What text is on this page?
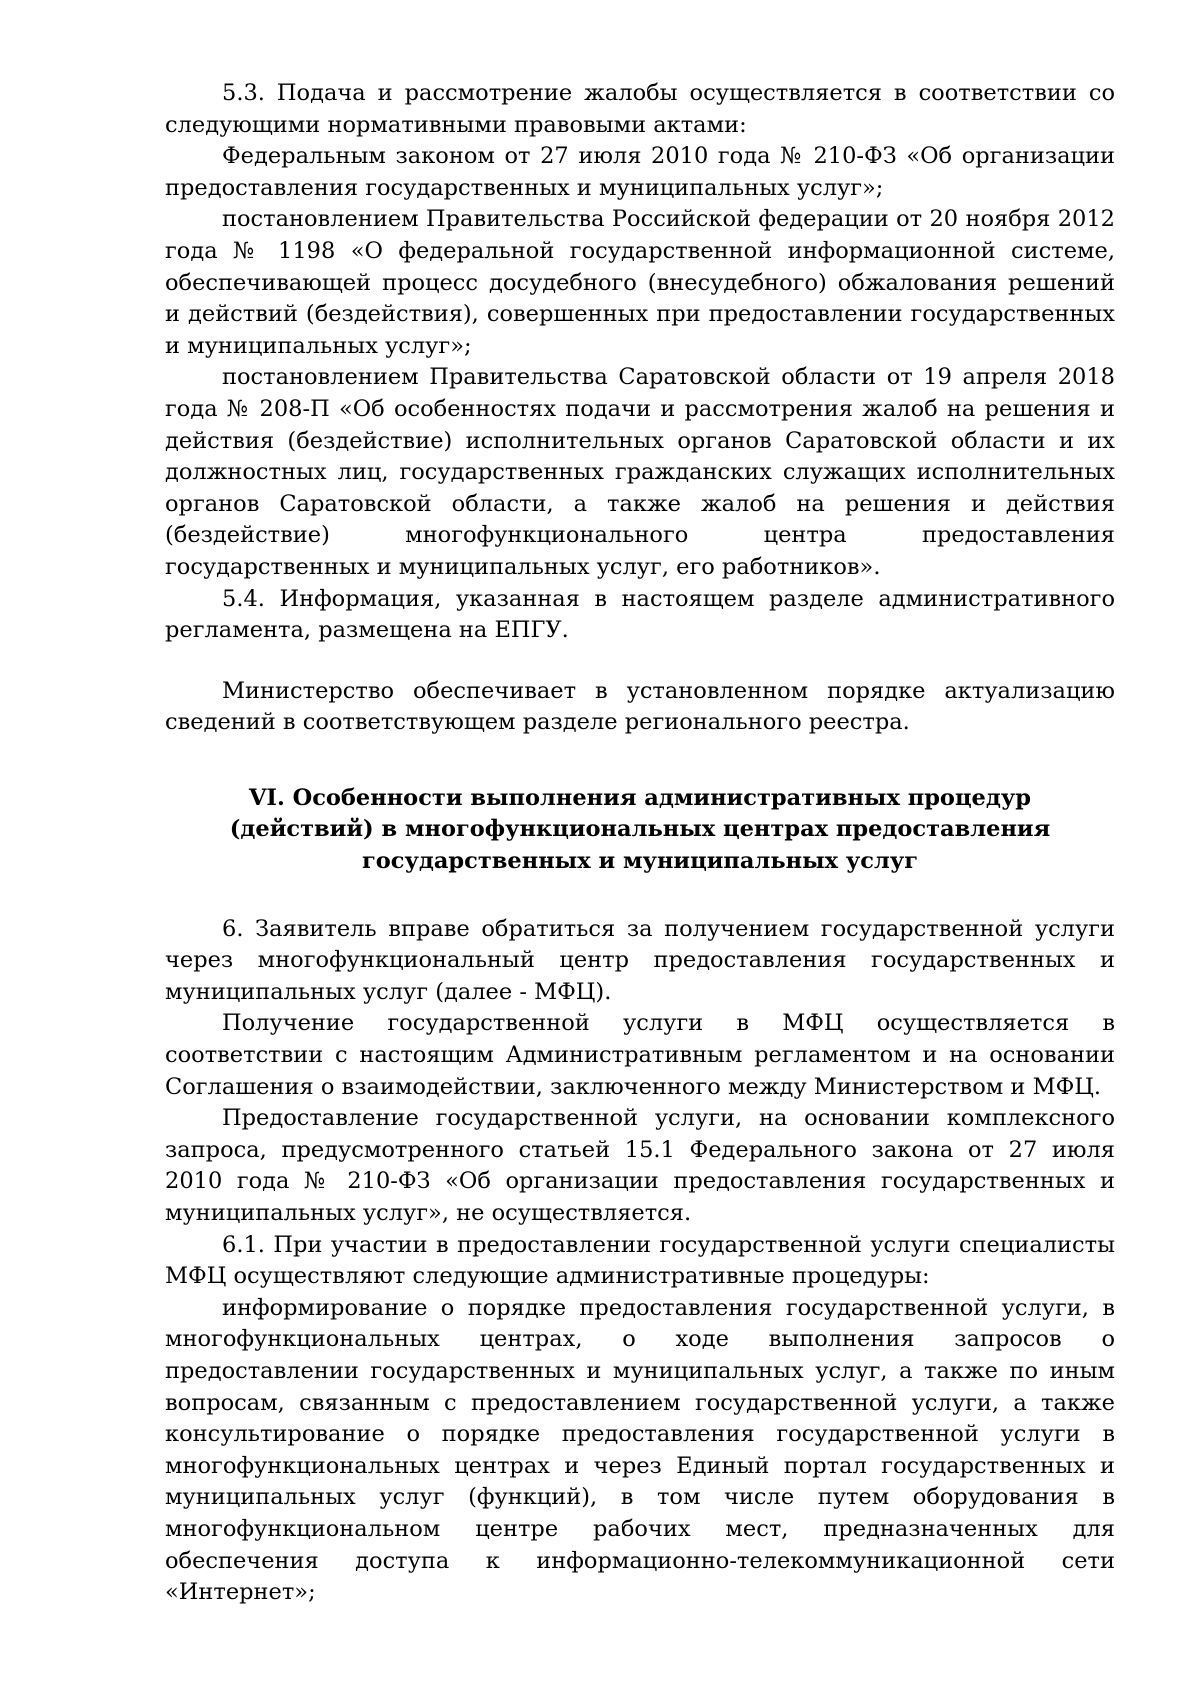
5.3. Подача и рассмотрение жалобы осуществляется в соответствии со следующими нормативными правовыми актами:

Федеральным законом от 27 июля 2010 года № 210-ФЗ «Об организации предоставления государственных и муниципальных услуг»;

постановлением Правительства Российской федерации от 20 ноября 2012 года № 1198 «О федеральной государственной информационной системе, обеспечивающей процесс досудебного (внесудебного) обжалования решений и действий (бездействия), совершенных при предоставлении государственных и муниципальных услуг»;

постановлением Правительства Саратовской области от 19 апреля 2018 года № 208-П «Об особенностях подачи и рассмотрения жалоб на решения и действия (бездействие) исполнительных органов Саратовской области и их должностных лиц, государственных гражданских служащих исполнительных органов Саратовской области, а также жалоб на решения и действия (бездействие) многофункционального центра предоставления государственных и муниципальных услуг, его работников».

5.4. Информация, указанная в настоящем разделе административного регламента, размещена на ЕПГУ.

Министерство обеспечивает в установленном порядке актуализацию сведений в соответствующем разделе регионального реестра.

VI. Особенности выполнения административных процедур
(действий) в многофункциональных центрах предоставления
государственных и муниципальных услуг

6. Заявитель вправе обратиться за получением государственной услуги через многофункциональный центр предоставления государственных и муниципальных услуг (далее - МФЦ).

Получение государственной услуги в МФЦ осуществляется в соответствии с настоящим Административным регламентом и на основании Соглашения о взаимодействии, заключенного между Министерством и МФЦ.

Предоставление государственной услуги, на основании комплексного запроса, предусмотренного статьей 15.1 Федерального закона от 27 июля 2010 года № 210-ФЗ «Об организации предоставления государственных и муниципальных услуг», не осуществляется.

6.1. При участии в предоставлении государственной услуги специалисты МФЦ осуществляют следующие административные процедуры:

информирование о порядке предоставления государственной услуги, в многофункциональных центрах, о ходе выполнения запросов о предоставлении государственных и муниципальных услуг, а также по иным вопросам, связанным с предоставлением государственной услуги, а также консультирование о порядке предоставления государственной услуги в многофункциональных центрах и через Единый портал государственных и муниципальных услуг (функций), в том числе путем оборудования в многофункциональном центре рабочих мест, предназначенных для обеспечения доступа к информационно-телекоммуникационной сети «Интернет»;
